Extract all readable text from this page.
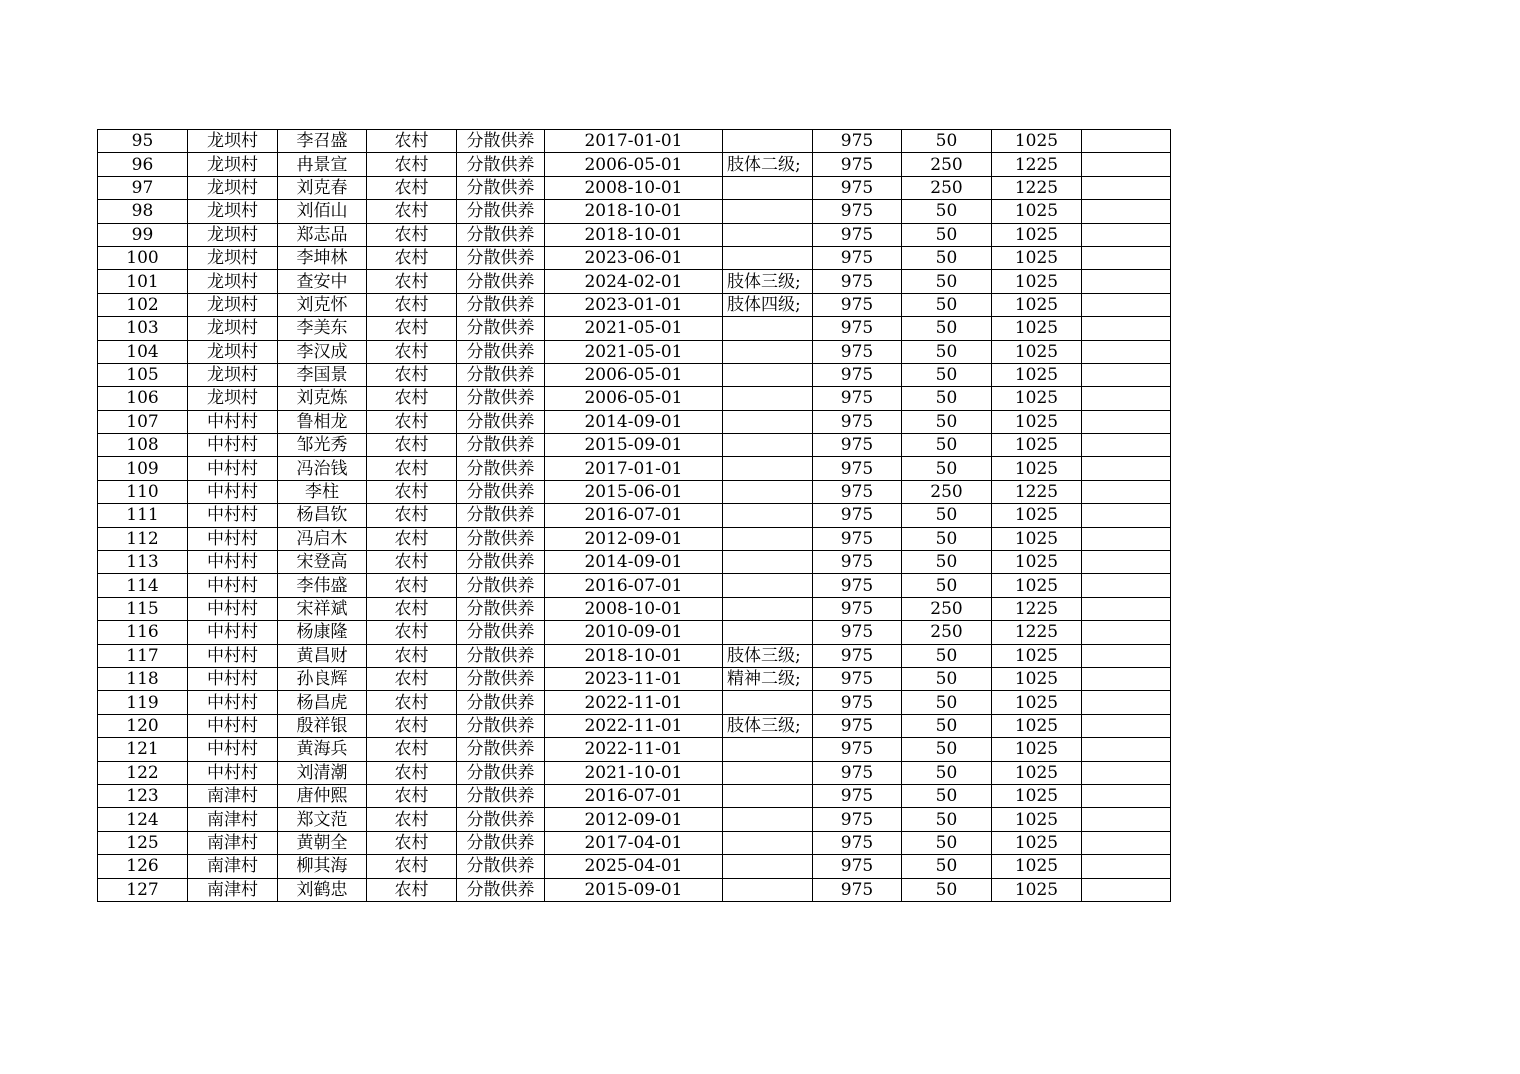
95	龙坝村	李召盛	农村	分散供养	2017-01-01		975	50	1025	
96	龙坝村	冉景宣	农村	分散供养	2006-05-01	肢体二级;	975	250	1225	
97	龙坝村	刘克春	农村	分散供养	2008-10-01		975	250	1225	
98	龙坝村	刘佰山	农村	分散供养	2018-10-01		975	50	1025	
99	龙坝村	郑志品	农村	分散供养	2018-10-01		975	50	1025	
100	龙坝村	李坤林	农村	分散供养	2023-06-01		975	50	1025	
101	龙坝村	查安中	农村	分散供养	2024-02-01	肢体三级;	975	50	1025	
102	龙坝村	刘克怀	农村	分散供养	2023-01-01	肢体四级;	975	50	1025	
103	龙坝村	李美东	农村	分散供养	2021-05-01		975	50	1025	
104	龙坝村	李汉成	农村	分散供养	2021-05-01		975	50	1025	
105	龙坝村	李国景	农村	分散供养	2006-05-01		975	50	1025	
106	龙坝村	刘克炼	农村	分散供养	2006-05-01		975	50	1025	
107	中村村	鲁相龙	农村	分散供养	2014-09-01		975	50	1025	
108	中村村	邹光秀	农村	分散供养	2015-09-01		975	50	1025	
109	中村村	冯治钱	农村	分散供养	2017-01-01		975	50	1025	
110	中村村	李柱	农村	分散供养	2015-06-01		975	250	1225	
111	中村村	杨昌钦	农村	分散供养	2016-07-01		975	50	1025	
112	中村村	冯启木	农村	分散供养	2012-09-01		975	50	1025	
113	中村村	宋登高	农村	分散供养	2014-09-01		975	50	1025	
114	中村村	李伟盛	农村	分散供养	2016-07-01		975	50	1025	
115	中村村	宋祥斌	农村	分散供养	2008-10-01		975	250	1225	
116	中村村	杨康隆	农村	分散供养	2010-09-01		975	250	1225	
117	中村村	黄昌财	农村	分散供养	2018-10-01	肢体三级;	975	50	1025	
118	中村村	孙良辉	农村	分散供养	2023-11-01	精神二级;	975	50	1025	
119	中村村	杨昌虎	农村	分散供养	2022-11-01		975	50	1025	
120	中村村	殷祥银	农村	分散供养	2022-11-01	肢体三级;	975	50	1025	
121	中村村	黄海兵	农村	分散供养	2022-11-01		975	50	1025	
122	中村村	刘清潮	农村	分散供养	2021-10-01		975	50	1025	
123	南津村	唐仲熙	农村	分散供养	2016-07-01		975	50	1025	
124	南津村	郑文范	农村	分散供养	2012-09-01		975	50	1025	
125	南津村	黄朝全	农村	分散供养	2017-04-01		975	50	1025	
126	南津村	柳其海	农村	分散供养	2025-04-01		975	50	1025	
127	南津村	刘鹤忠	农村	分散供养	2015-09-01		975	50	1025	
